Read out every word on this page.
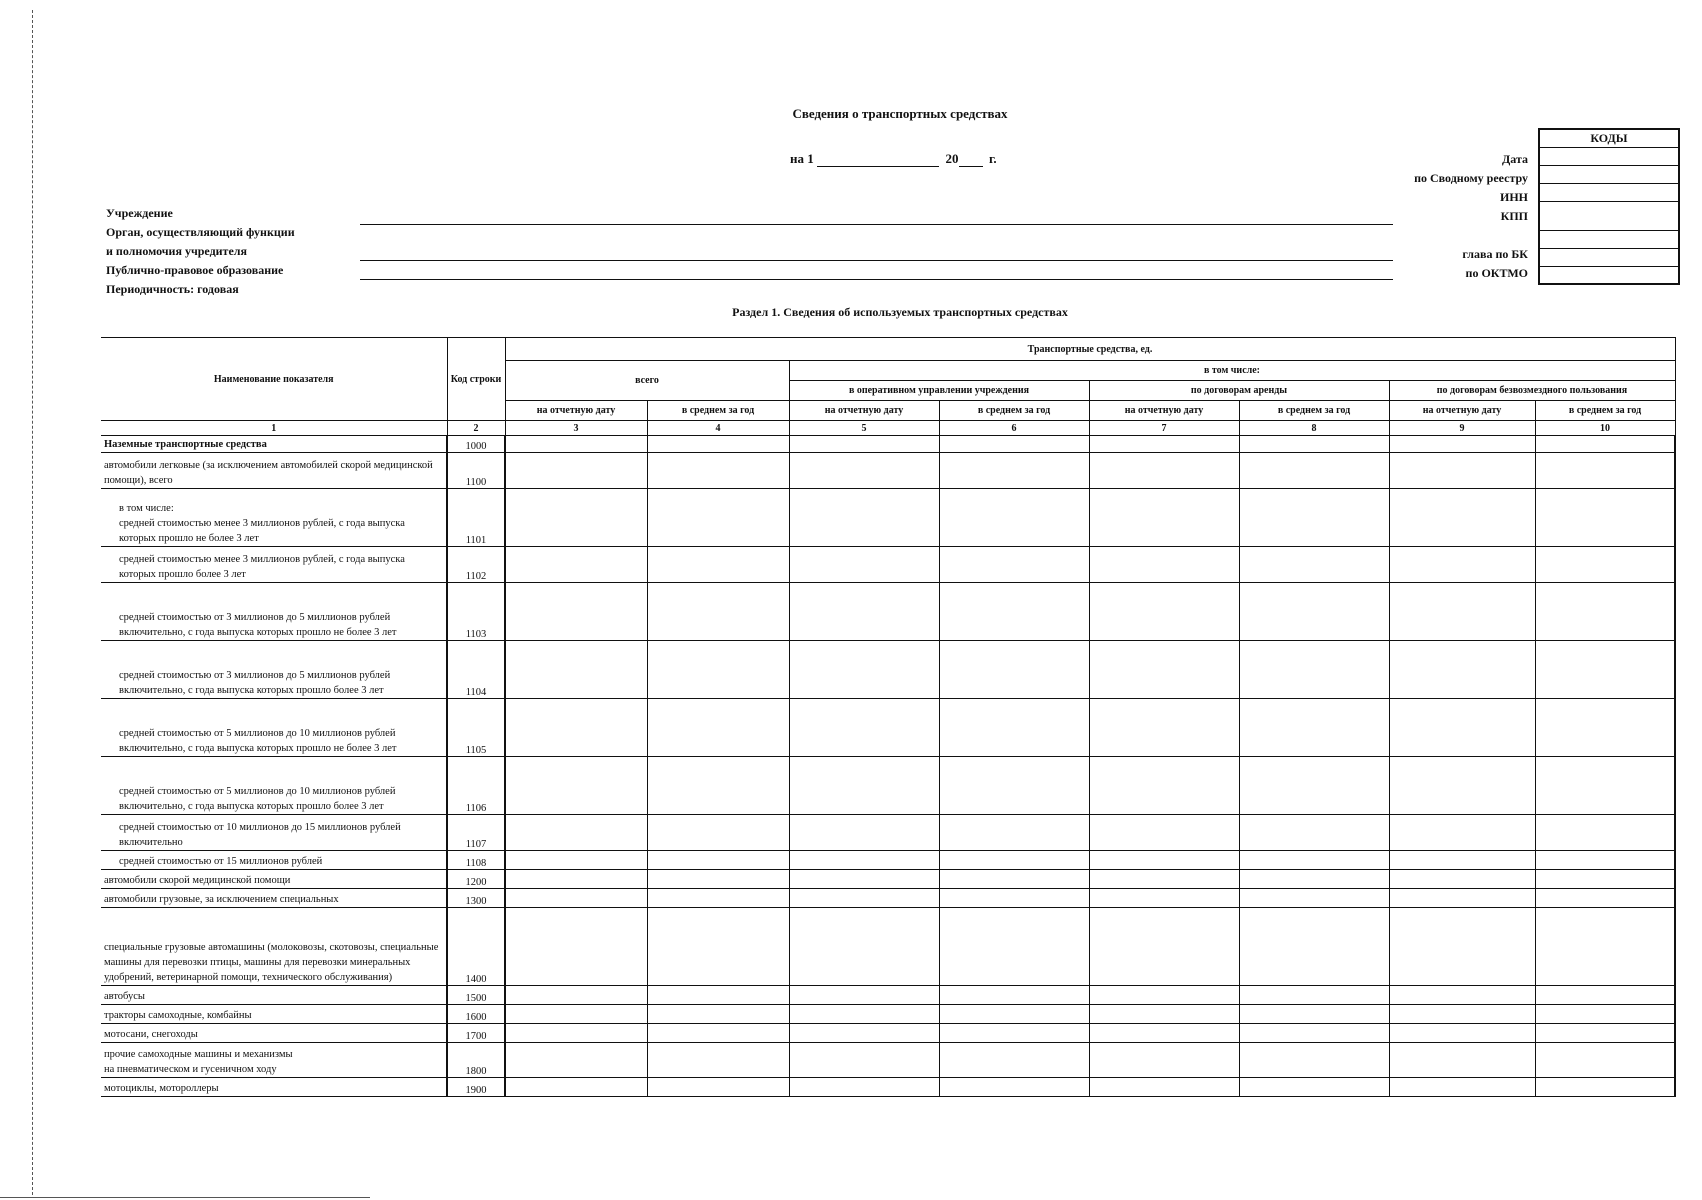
Сведения о транспортных средствах
на 1	20 г.	Дата
по Сводному реестру
ИНН
КПП
глава по БК
по ОКТМО
КОДЫ
Учреждение
Орган, осуществляющий функции
и полномочия учредителя
Публично-правовое образование
Периодичность: годовая
Раздел 1. Сведения об используемых транспортных средствах
Наименование показателя	Код строки	Транспортные средства, ед.							
		всего		в том числе:					
				в оперативном управлении учреждения		по договорам аренды		по договорам безвозмездного пользования	
		на отчетную дату	в среднем за год	на отчетную дату	в среднем за год	на отчетную дату	в среднем за год	на отчетную дату	в среднем за год
1	2	3	4	5	6	7	8	9	10
Наземные транспортные средства	1000								
автомобили легковые (за исключением автомобилей скорой медицинской помощи), всего	1100								
в том числе:
средней стоимостью менее 3 миллионов рублей, с года выпуска которых прошло не более 3 лет	1101								
средней стоимостью менее 3 миллионов рублей, с года выпуска которых прошло более 3 лет	1102								
средней стоимостью от 3 миллионов до 5 миллионов рублей включительно, с года выпуска которых прошло не более 3 лет	1103								
средней стоимостью от 3 миллионов до 5 миллионов рублей включительно, с года выпуска которых прошло более 3 лет	1104								
средней стоимостью от 5 миллионов до 10 миллионов рублей включительно, с года выпуска которых прошло не более 3 лет	1105								
средней стоимостью от 5 миллионов до 10 миллионов рублей включительно, с года выпуска которых прошло более 3 лет	1106								
средней стоимостью от 10 миллионов до 15 миллионов рублей включительно	1107								
средней стоимостью от 15 миллионов рублей	1108								
автомобили скорой медицинской помощи	1200								
автомобили грузовые, за исключением специальных	1300								
специальные грузовые автомашины (молоковозы, скотовозы, специальные машины для перевозки птицы, машины для перевозки минеральных удобрений, ветеринарной помощи, технического обслуживания)	1400								
автобусы	1500								
тракторы самоходные, комбайны	1600								
мотосани, снегоходы	1700								
прочие самоходные машины и механизмы
на пневматическом и гусеничном ходу	1800								
мотоциклы, мотороллеры	1900								
